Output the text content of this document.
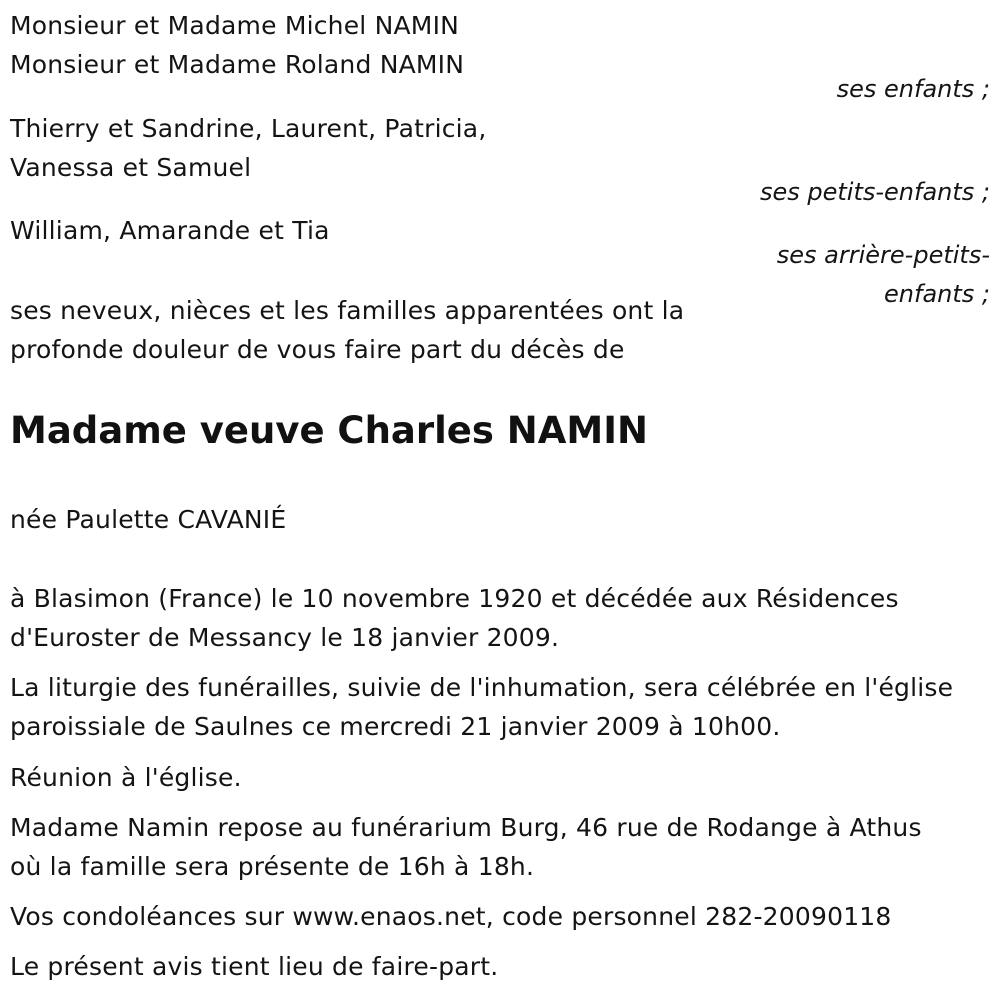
Monsieur et Madame Michel NAMIN
Monsieur et Madame Roland NAMIN
ses enfants ;
Thierry et Sandrine, Laurent, Patricia,
Vanessa et Samuel
ses petits-enfants ;
William, Amarande et Tia
ses arrière-petits-
enfants ;
ses neveux, nièces et les familles apparentées ont la
profonde douleur de vous faire part du décès de
Madame veuve Charles NAMIN
née Paulette CAVANIÉ
à Blasimon (France) le 10 novembre 1920 et décédée aux Résidences
d'Euroster de Messancy le 18 janvier 2009.
La liturgie des funérailles, suivie de l'inhumation, sera célébrée en l'église
paroissiale de Saulnes ce mercredi 21 janvier 2009 à 10h00.
Réunion à l'église.
Madame Namin repose au funérarium Burg, 46 rue de Rodange à Athus
où la famille sera présente de 16h à 18h.
Vos condoléances sur www.enaos.net, code personnel 282-20090118
Le présent avis tient lieu de faire-part.
